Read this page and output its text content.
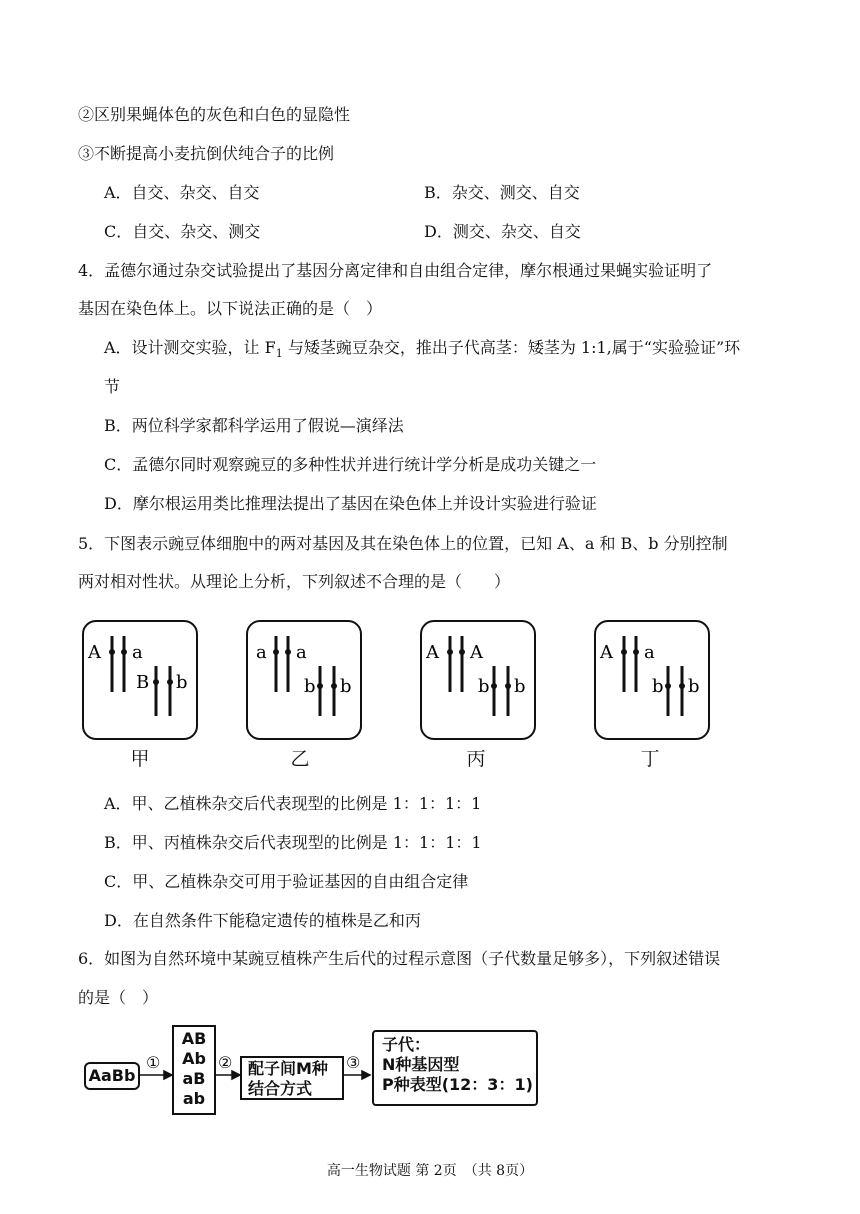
②区别果蝇体色的灰色和白色的显隐性
③不断提高小麦抗倒伏纯合子的比例
A．自交、杂交、自交	B．杂交、测交、自交
C．自交、杂交、测交	D．测交、杂交、自交
4．孟德尔通过杂交试验提出了基因分离定律和自由组合定律，摩尔根通过果蝇实验证明了
基因在染色体上。以下说法正确的是（　）
A．设计测交实验，让 $F_1$ 与矮茎豌豆杂交，推出子代高茎：矮茎为 1:1,属于“实验验证”环
节
B．两位科学家都科学运用了假说—演绎法
C．孟德尔同时观察豌豆的多种性状并进行统计学分析是成功关键之一
D．摩尔根运用类比推理法提出了基因在染色体上并设计实验进行验证
5．下图表示豌豆体细胞中的两对基因及其在染色体上的位置，已知 A、a 和 B、b 分别控制
两对相对性状。从理论上分析，下列叙述不合理的是（　　）
A a
B b
甲
a a
b b
乙
A A
b b
丙
A a
b b
丁
A．甲、乙植株杂交后代表现型的比例是 1：1：1：1
B．甲、丙植株杂交后代表现型的比例是 1：1：1：1
C．甲、乙植株杂交可用于验证基因的自由组合定律
D．在自然条件下能稳定遗传的植株是乙和丙
6．如图为自然环境中某豌豆植株产生后代的过程示意图（子代数量足够多），下列叙述错误
的是（　）
AaBb
①
AB
Ab
aB
ab
② 配子间M种
结合方式
③
子代：
N种基因型
P种表型(12：3：1)
高一生物试题 第 2页　（共 8页）
